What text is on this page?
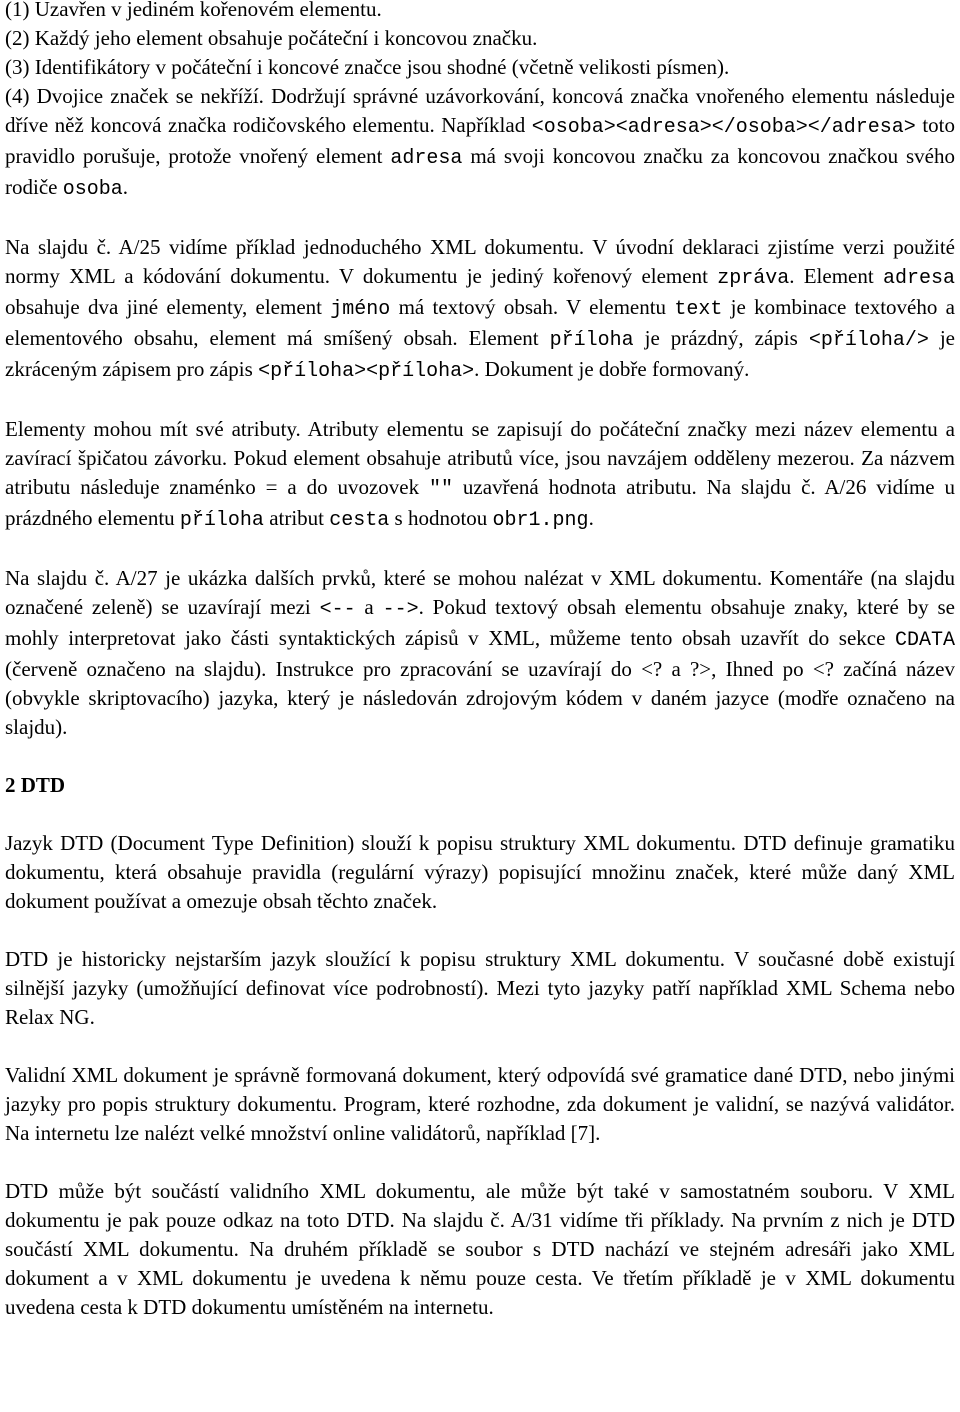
(1) Uzavřen v jediném kořenovém elementu.
(2) Každý jeho element obsahuje počáteční i koncovou značku.
(3) Identifikátory v počáteční i koncové značce jsou shodné (včetně velikosti písmen).
(4) Dvojice značek se nekříží. Dodržují správné uzávorkování, koncová značka vnořeného elementu následuje dříve něž koncová značka rodičovského elementu. Například <osoba><adresa></osoba></adresa> toto pravidlo porušuje, protože vnořený element adresa má svoji koncovou značku za koncovou značkou svého rodiče osoba.

Na slajdu č. A/25 vidíme příklad jednoduchého XML dokumentu. V úvodní deklaraci zjistíme verzi použité normy XML a kódování dokumentu. V dokumentu je jediný kořenový element zpráva. Element adresa obsahuje dva jiné elementy, element jméno má textový obsah. V elementu text je kombinace textového a elementového obsahu, element má smíšený obsah. Element příloha je prázdný, zápis <příloha/> je zkráceným zápisem pro zápis <příloha><příloha>. Dokument je dobře formovaný.

Elementy mohou mít své atributy. Atributy elementu se zapisují do počáteční značky mezi název elementu a zavírací špičatou závorku. Pokud element obsahuje atributů více, jsou navzájem odděleny mezerou. Za názvem atributu následuje znaménko = a do uvozovek "" uzavřená hodnota atributu. Na slajdu č. A/26 vidíme u prázdného elementu příloha atribut cesta s hodnotou obr1.png.

Na slajdu č. A/27 je ukázka dalších prvků, které se mohou nalézat v XML dokumentu. Komentáře (na slajdu označené zeleně) se uzavírají mezi <-- a -->. Pokud textový obsah elementu obsahuje znaky, které by se mohly interpretovat jako části syntaktických zápisů v XML, můžeme tento obsah uzavřít do sekce CDATA (červeně označeno na slajdu). Instrukce pro zpracování se uzavírají do <? a ?>, Ihned po <? začíná název (obvykle skriptovacího) jazyka, který je následován zdrojovým kódem v daném jazyce (modře označeno na slajdu).

2 DTD

Jazyk DTD (Document Type Definition) slouží k popisu struktury XML dokumentu. DTD definuje gramatiku dokumentu, která obsahuje pravidla (regulární výrazy) popisující množinu značek, které může daný XML dokument používat a omezuje obsah těchto značek.

DTD je historicky nejstarším jazyk sloužící k popisu struktury XML dokumentu. V současné době existují silnější jazyky (umožňující definovat více podrobností). Mezi tyto jazyky patří například XML Schema nebo Relax NG.

Validní XML dokument je správně formovaná dokument, který odpovídá své gramatice dané DTD, nebo jinými jazyky pro popis struktury dokumentu. Program, které rozhodne, zda dokument je validní, se nazývá validátor. Na internetu lze nalézt velké množství online validátorů, například [7].

DTD může být součástí validního XML dokumentu, ale může být také v samostatném souboru. V XML dokumentu je pak pouze odkaz na toto DTD. Na slajdu č. A/31 vidíme tři příklady. Na prvním z nich je DTD součástí XML dokumentu. Na druhém příkladě se soubor s DTD nachází ve stejném adresáři jako XML dokument a v XML dokumentu je uvedena k němu pouze cesta. Ve třetím příkladě je v XML dokumentu uvedena cesta k DTD dokumentu umístěném na internetu.
